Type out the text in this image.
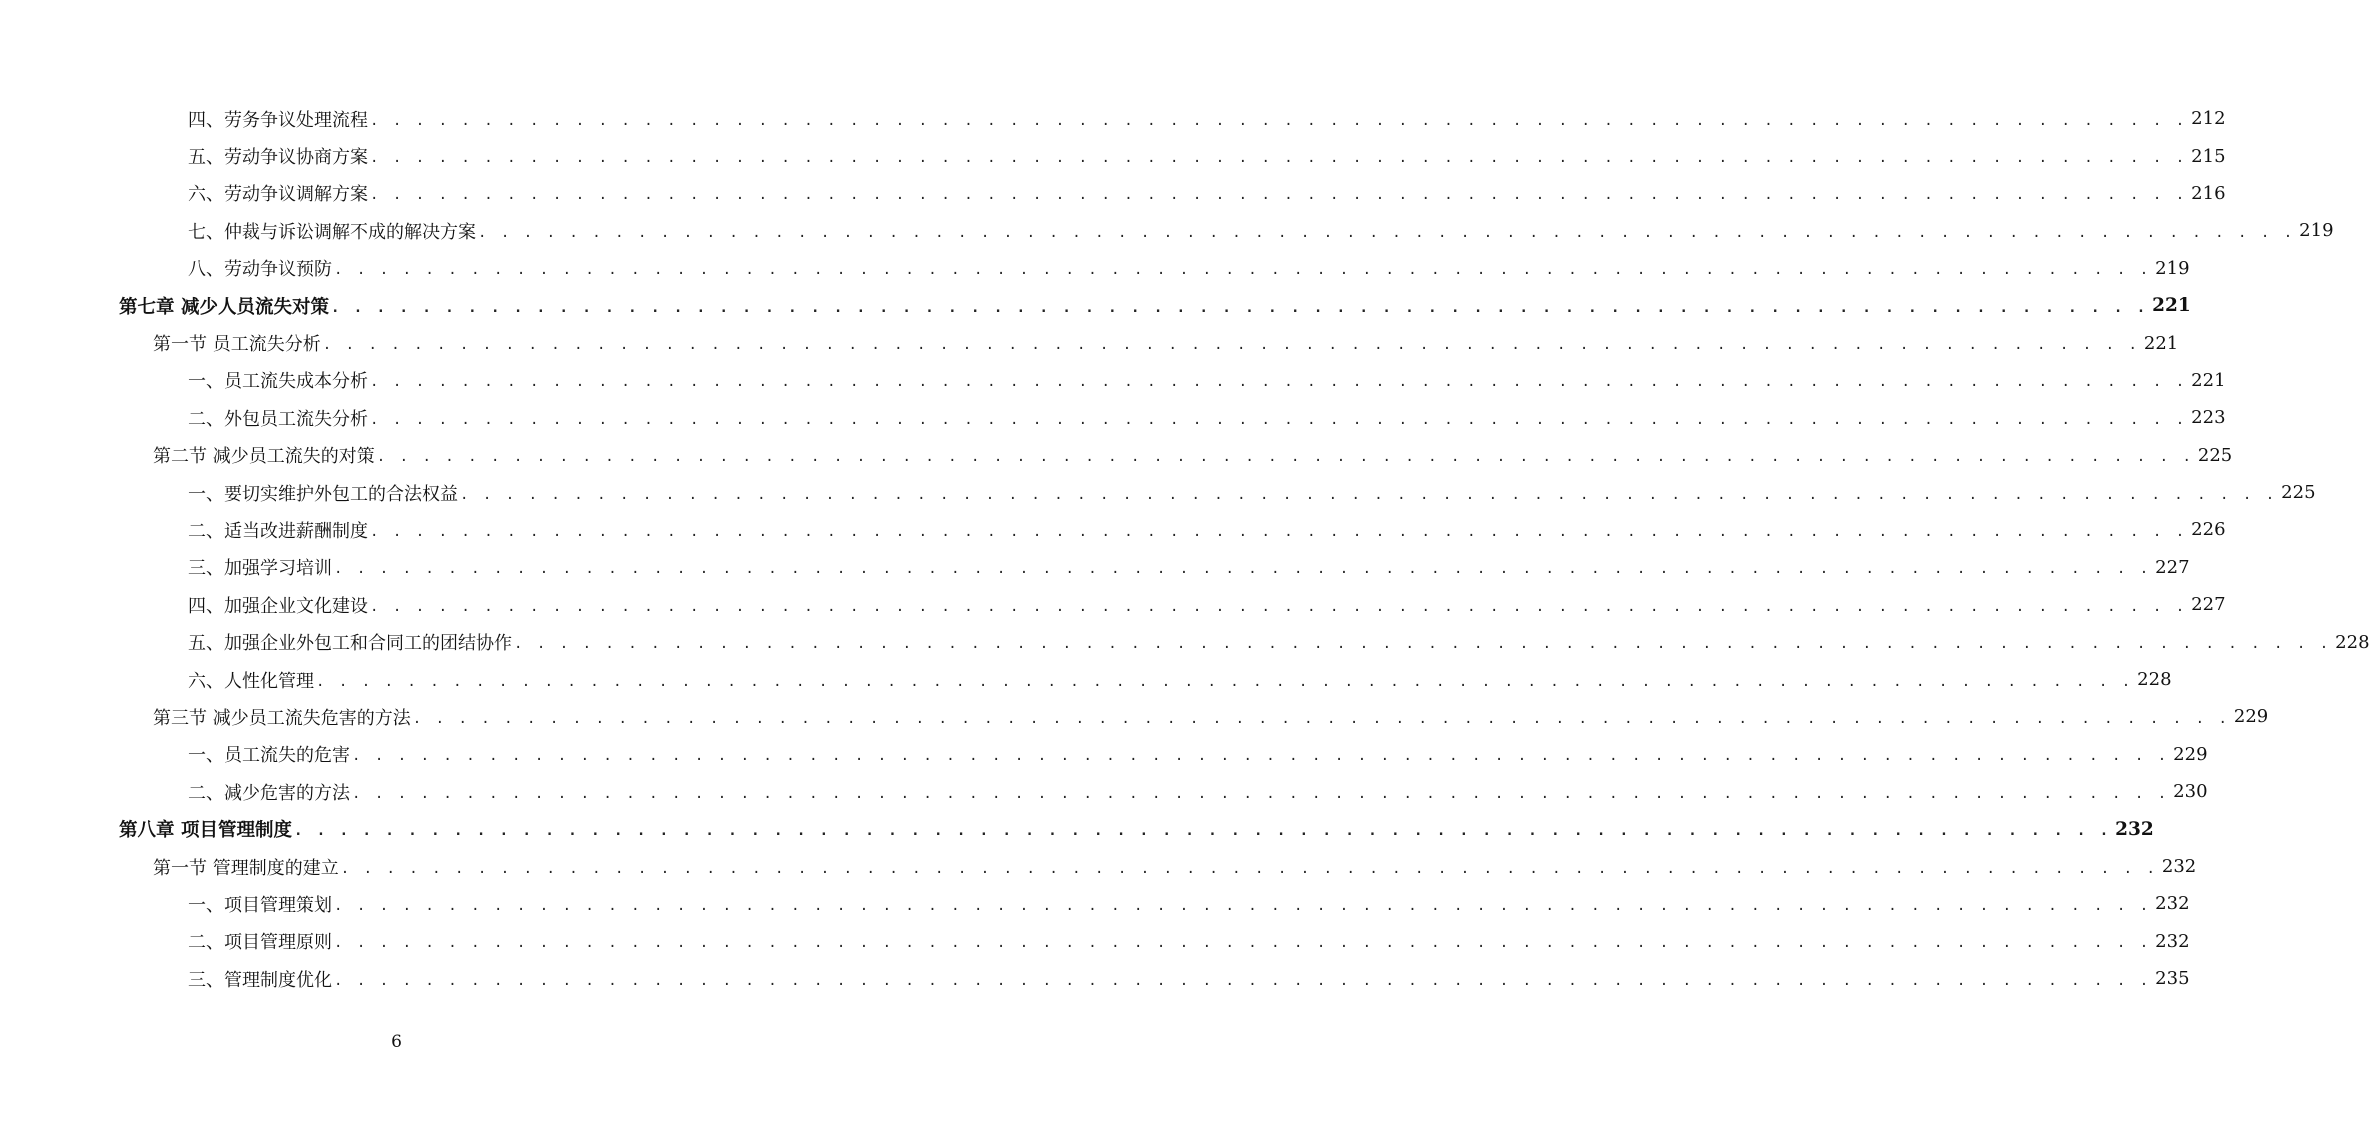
四、劳务争议处理流程 . . . . . . . . . . . . . . . . . . . . . . . . . . . . . . . . . . . . . . . . . . . . . . . . . . . . . . . . . . . . . . . . . . . . . . . . . . . . . . . . 212
五、劳动争议协商方案 . . . . . . . . . . . . . . . . . . . . . . . . . . . . . . . . . . . . . . . . . . . . . . . . . . . . . . . . . . . . . . . . . . . . . . . . . . . . . . . . 215
六、劳动争议调解方案 . . . . . . . . . . . . . . . . . . . . . . . . . . . . . . . . . . . . . . . . . . . . . . . . . . . . . . . . . . . . . . . . . . . . . . . . . . . . . . . . 216
七、仲裁与诉讼调解不成的解决方案 . . . . . . . . . . . . . . . . . . . . . . . . . . . . . . . . . . . . . . . . . . . . . . . . . . . . . . . . . . . . . . . . . . . . . . . . . . . . . . . . 219
八、劳动争议预防 . . . . . . . . . . . . . . . . . . . . . . . . . . . . . . . . . . . . . . . . . . . . . . . . . . . . . . . . . . . . . . . . . . . . . . . . . . . . . . . . 219
第七章 减少人员流失对策 . . . . . . . . . . . . . . . . . . . . . . . . . . . . . . . . . . . . . . . . . . . . . . . . . . . . . . . . . . . . . . . . . . . . . . . . . . . . . . . . 221
第一节 员工流失分析 . . . . . . . . . . . . . . . . . . . . . . . . . . . . . . . . . . . . . . . . . . . . . . . . . . . . . . . . . . . . . . . . . . . . . . . . . . . . . . . . 221
一、员工流失成本分析 . . . . . . . . . . . . . . . . . . . . . . . . . . . . . . . . . . . . . . . . . . . . . . . . . . . . . . . . . . . . . . . . . . . . . . . . . . . . . . . . 221
二、外包员工流失分析 . . . . . . . . . . . . . . . . . . . . . . . . . . . . . . . . . . . . . . . . . . . . . . . . . . . . . . . . . . . . . . . . . . . . . . . . . . . . . . . . 223
第二节 减少员工流失的对策 . . . . . . . . . . . . . . . . . . . . . . . . . . . . . . . . . . . . . . . . . . . . . . . . . . . . . . . . . . . . . . . . . . . . . . . . . . . . . . . . 225
一、要切实维护外包工的合法权益 . . . . . . . . . . . . . . . . . . . . . . . . . . . . . . . . . . . . . . . . . . . . . . . . . . . . . . . . . . . . . . . . . . . . . . . . . . . . . . . . 225
二、适当改进薪酬制度 . . . . . . . . . . . . . . . . . . . . . . . . . . . . . . . . . . . . . . . . . . . . . . . . . . . . . . . . . . . . . . . . . . . . . . . . . . . . . . . . 226
三、加强学习培训 . . . . . . . . . . . . . . . . . . . . . . . . . . . . . . . . . . . . . . . . . . . . . . . . . . . . . . . . . . . . . . . . . . . . . . . . . . . . . . . . 227
四、加强企业文化建设 . . . . . . . . . . . . . . . . . . . . . . . . . . . . . . . . . . . . . . . . . . . . . . . . . . . . . . . . . . . . . . . . . . . . . . . . . . . . . . . . 227
五、加强企业外包工和合同工的团结协作 . . . . . . . . . . . . . . . . . . . . . . . . . . . . . . . . . . . . . . . . . . . . . . . . . . . . . . . . . . . . . . . . . . . . . . . . . . . . . . . . 228
六、人性化管理 . . . . . . . . . . . . . . . . . . . . . . . . . . . . . . . . . . . . . . . . . . . . . . . . . . . . . . . . . . . . . . . . . . . . . . . . . . . . . . . . 228
第三节 减少员工流失危害的方法 . . . . . . . . . . . . . . . . . . . . . . . . . . . . . . . . . . . . . . . . . . . . . . . . . . . . . . . . . . . . . . . . . . . . . . . . . . . . . . . . 229
一、员工流失的危害 . . . . . . . . . . . . . . . . . . . . . . . . . . . . . . . . . . . . . . . . . . . . . . . . . . . . . . . . . . . . . . . . . . . . . . . . . . . . . . . . 229
二、减少危害的方法 . . . . . . . . . . . . . . . . . . . . . . . . . . . . . . . . . . . . . . . . . . . . . . . . . . . . . . . . . . . . . . . . . . . . . . . . . . . . . . . . 230
第八章 项目管理制度 . . . . . . . . . . . . . . . . . . . . . . . . . . . . . . . . . . . . . . . . . . . . . . . . . . . . . . . . . . . . . . . . . . . . . . . . . . . . . . . . 232
第一节 管理制度的建立 . . . . . . . . . . . . . . . . . . . . . . . . . . . . . . . . . . . . . . . . . . . . . . . . . . . . . . . . . . . . . . . . . . . . . . . . . . . . . . . . 232
一、项目管理策划 . . . . . . . . . . . . . . . . . . . . . . . . . . . . . . . . . . . . . . . . . . . . . . . . . . . . . . . . . . . . . . . . . . . . . . . . . . . . . . . . 232
二、项目管理原则 . . . . . . . . . . . . . . . . . . . . . . . . . . . . . . . . . . . . . . . . . . . . . . . . . . . . . . . . . . . . . . . . . . . . . . . . . . . . . . . . 232
三、管理制度优化 . . . . . . . . . . . . . . . . . . . . . . . . . . . . . . . . . . . . . . . . . . . . . . . . . . . . . . . . . . . . . . . . . . . . . . . . . . . . . . . . 235
6
